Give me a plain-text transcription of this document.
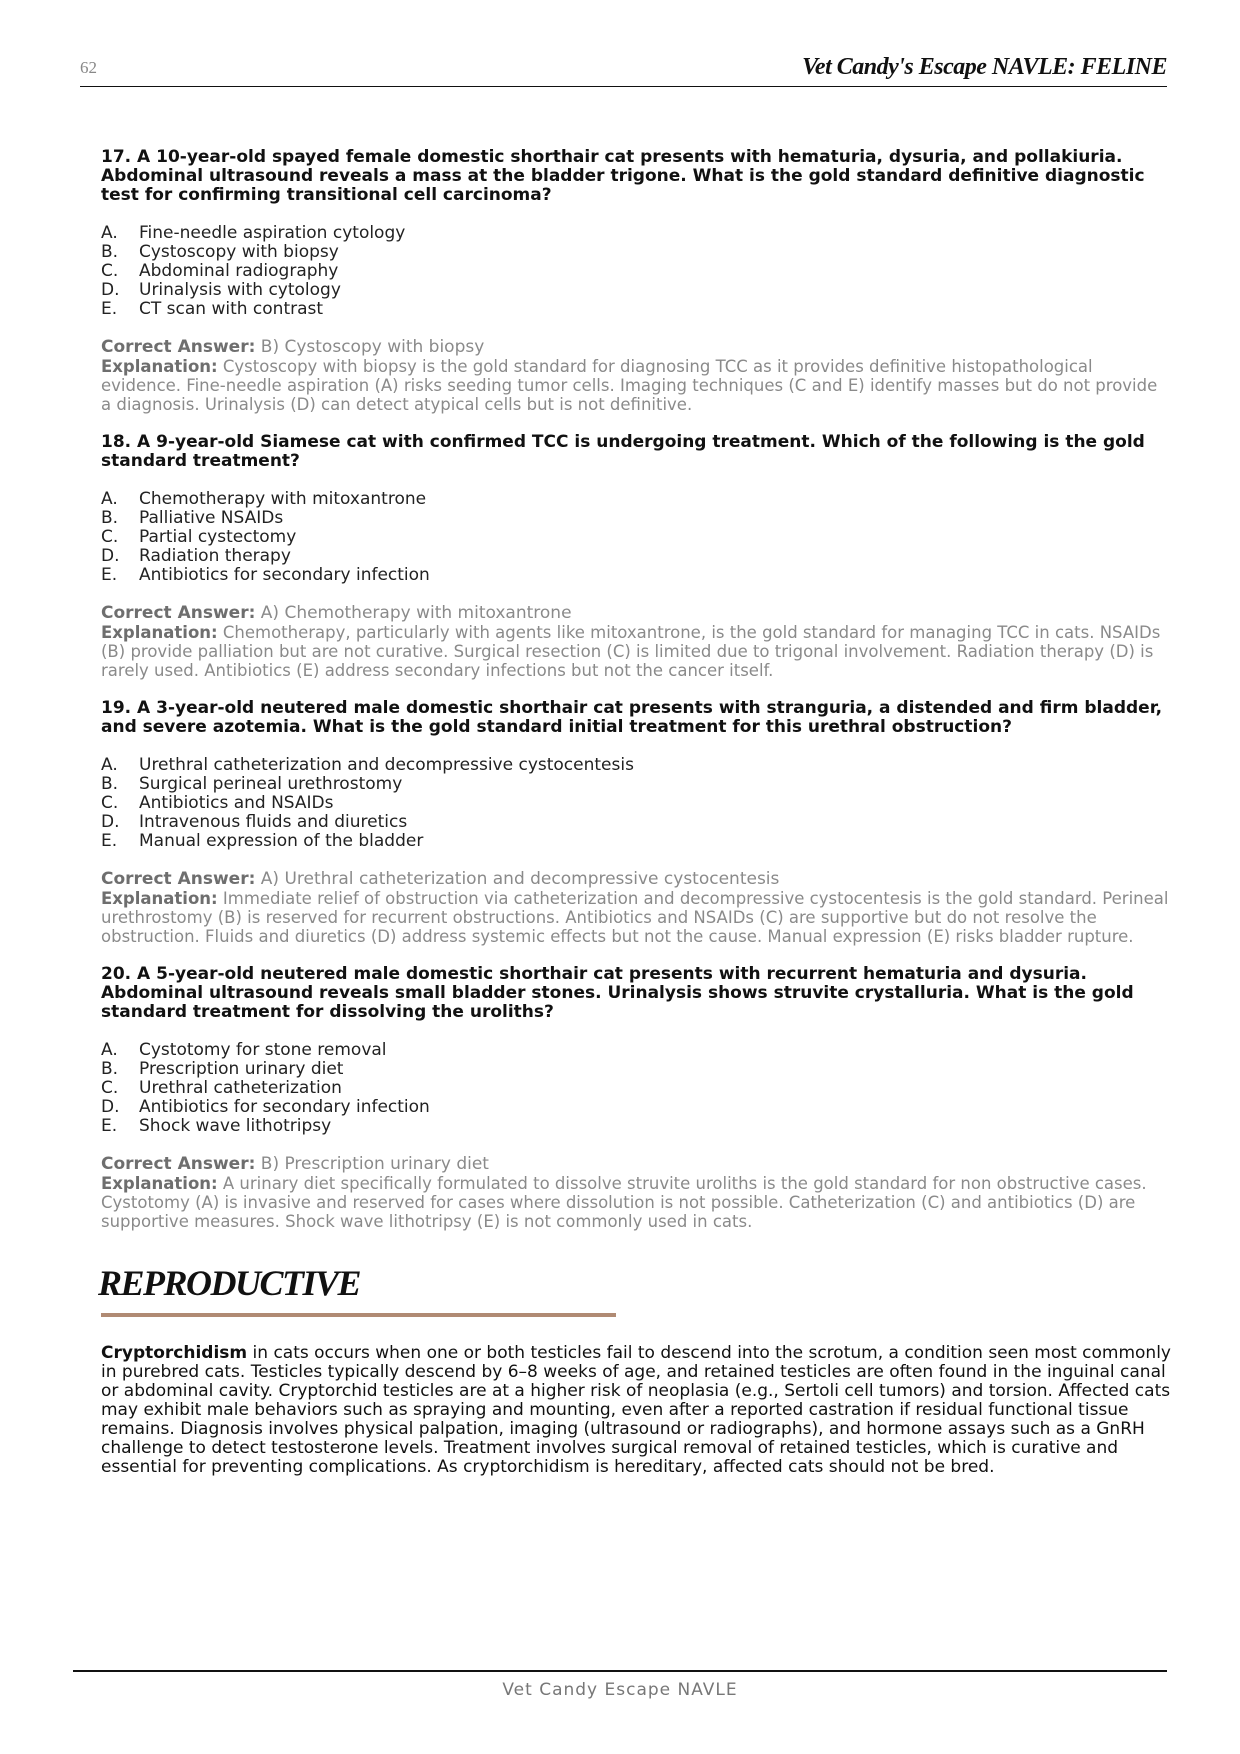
62	Vet Candy's Escape NAVLE: FELINE

17. A 10-year-old spayed female domestic shorthair cat presents with hematuria, dysuria, and pollakiuria. Abdominal ultrasound reveals a mass at the bladder trigone. What is the gold standard definitive diagnostic test for confirming transitional cell carcinoma?

A.	Fine-needle aspiration cytology
B.	Cystoscopy with biopsy
C.	Abdominal radiography
D.	Urinalysis with cytology
E.	CT scan with contrast

Correct Answer: B) Cystoscopy with biopsy

Explanation: Cystoscopy with biopsy is the gold standard for diagnosing TCC as it provides definitive histopathological evidence. Fine-needle aspiration (A) risks seeding tumor cells. Imaging techniques (C and E) identify masses but do not provide a diagnosis. Urinalysis (D) can detect atypical cells but is not definitive.

18. A 9-year-old Siamese cat with confirmed TCC is undergoing treatment. Which of the following is the gold standard treatment?

A.	Chemotherapy with mitoxantrone
B.	Palliative NSAIDs
C.	Partial cystectomy
D.	Radiation therapy
E.	Antibiotics for secondary infection

Correct Answer: A) Chemotherapy with mitoxantrone

Explanation: Chemotherapy, particularly with agents like mitoxantrone, is the gold standard for managing TCC in cats. NSAIDs (B) provide palliation but are not curative. Surgical resection (C) is limited due to trigonal involvement. Radiation therapy (D) is rarely used. Antibiotics (E) address secondary infections but not the cancer itself.

19. A 3-year-old neutered male domestic shorthair cat presents with stranguria, a distended and firm bladder, and severe azotemia. What is the gold standard initial treatment for this urethral obstruction?

A.	Urethral catheterization and decompressive cystocentesis
B.	Surgical perineal urethrostomy
C.	Antibiotics and NSAIDs
D.	Intravenous fluids and diuretics
E.	Manual expression of the bladder

Correct Answer: A) Urethral catheterization and decompressive cystocentesis

Explanation: Immediate relief of obstruction via catheterization and decompressive cystocentesis is the gold standard. Perineal urethrostomy (B) is reserved for recurrent obstructions. Antibiotics and NSAIDs (C) are supportive but do not resolve the obstruction. Fluids and diuretics (D) address systemic effects but not the cause. Manual expression (E) risks bladder rupture.

20. A 5-year-old neutered male domestic shorthair cat presents with recurrent hematuria and dysuria. Abdominal ultrasound reveals small bladder stones. Urinalysis shows struvite crystalluria. What is the gold standard treatment for dissolving the uroliths?

A.	Cystotomy for stone removal
B.	Prescription urinary diet
C.	Urethral catheterization
D.	Antibiotics for secondary infection
E.	Shock wave lithotripsy

Correct Answer: B) Prescription urinary diet

Explanation: A urinary diet specifically formulated to dissolve struvite uroliths is the gold standard for non obstructive cases. Cystotomy (A) is invasive and reserved for cases where dissolution is not possible. Catheterization (C) and antibiotics (D) are supportive measures. Shock wave lithotripsy (E) is not commonly used in cats.

REPRODUCTIVE

Cryptorchidism in cats occurs when one or both testicles fail to descend into the scrotum, a condition seen most commonly in purebred cats. Testicles typically descend by 6–8 weeks of age, and retained testicles are often found in the inguinal canal or abdominal cavity. Cryptorchid testicles are at a higher risk of neoplasia (e.g., Sertoli cell tumors) and torsion. Affected cats may exhibit male behaviors such as spraying and mounting, even after a reported castration if residual functional tissue remains. Diagnosis involves physical palpation, imaging (ultrasound or radiographs), and hormone assays such as a GnRH challenge to detect testosterone levels. Treatment involves surgical removal of retained testicles, which is curative and essential for preventing complications. As cryptorchidism is hereditary, affected cats should not be bred.

Vet Candy Escape NAVLE
